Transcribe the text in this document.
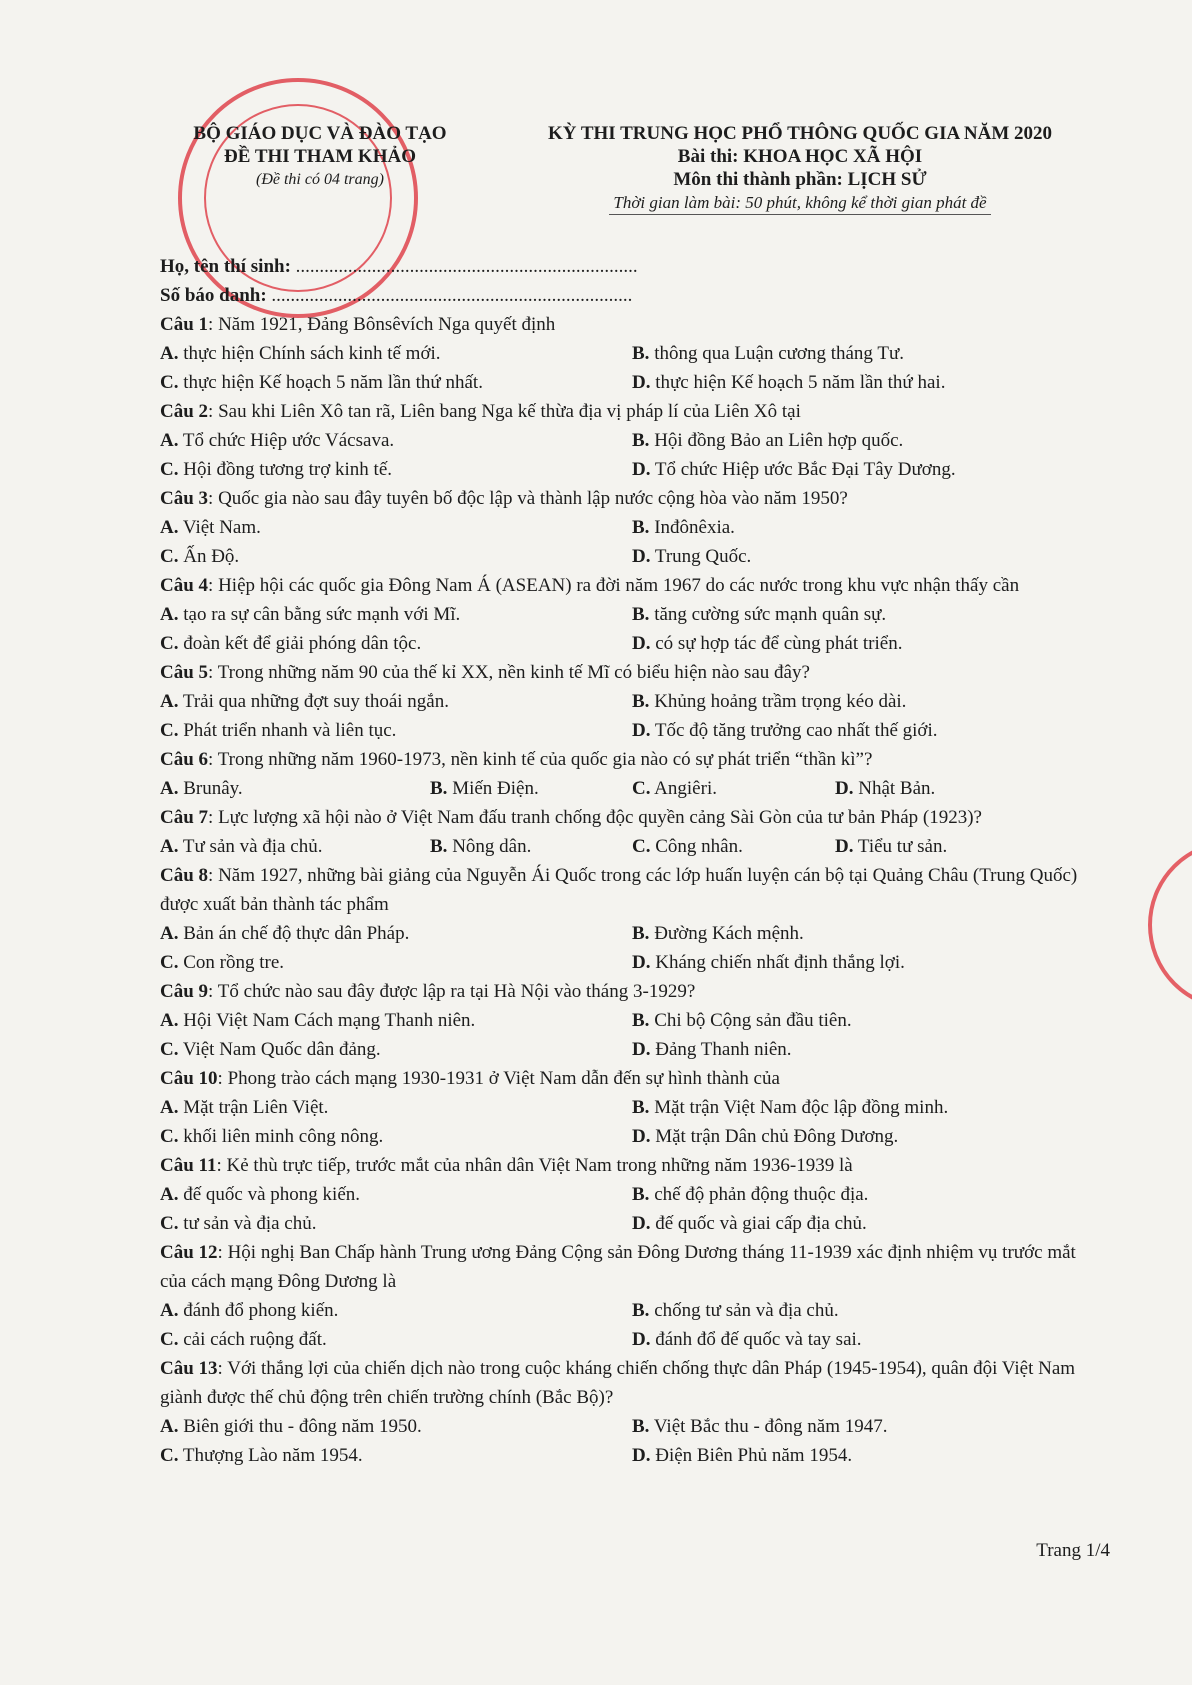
BỘ GIÁO DỤC VÀ ĐÀO TẠO
ĐỀ THI THAM KHẢO
(Đề thi có 04 trang)
KỲ THI TRUNG HỌC PHỔ THÔNG QUỐC GIA NĂM 2020
Bài thi: KHOA HỌC XÃ HỘI
Môn thi thành phần: LỊCH SỬ
Thời gian làm bài: 50 phút, không kể thời gian phát đề
Họ, tên thí sinh: ........................................................................
Số báo danh: ............................................................................
Câu 1: Năm 1921, Đảng Bônsêvích Nga quyết định
A. thực hiện Chính sách kinh tế mới.	B. thông qua Luận cương tháng Tư.
C. thực hiện Kế hoạch 5 năm lần thứ nhất.	D. thực hiện Kế hoạch 5 năm lần thứ hai.
Câu 2: Sau khi Liên Xô tan rã, Liên bang Nga kế thừa địa vị pháp lí của Liên Xô tại
A. Tổ chức Hiệp ước Vácsava.	B. Hội đồng Bảo an Liên hợp quốc.
C. Hội đồng tương trợ kinh tế.	D. Tổ chức Hiệp ước Bắc Đại Tây Dương.
Câu 3: Quốc gia nào sau đây tuyên bố độc lập và thành lập nước cộng hòa vào năm 1950?
A. Việt Nam.	B. Inđônêxia.
C. Ấn Độ.	D. Trung Quốc.
Câu 4: Hiệp hội các quốc gia Đông Nam Á (ASEAN) ra đời năm 1967 do các nước trong khu vực nhận thấy cần
A. tạo ra sự cân bằng sức mạnh với Mĩ.	B. tăng cường sức mạnh quân sự.
C. đoàn kết để giải phóng dân tộc.	D. có sự hợp tác để cùng phát triển.
Câu 5: Trong những năm 90 của thế kỉ XX, nền kinh tế Mĩ có biểu hiện nào sau đây?
A. Trải qua những đợt suy thoái ngắn.	B. Khủng hoảng trầm trọng kéo dài.
C. Phát triển nhanh và liên tục.	D. Tốc độ tăng trưởng cao nhất thế giới.
Câu 6: Trong những năm 1960-1973, nền kinh tế của quốc gia nào có sự phát triển “thần kì”?
A. Brunây.	B. Miến Điện.	C. Angiêri.	D. Nhật Bản.
Câu 7: Lực lượng xã hội nào ở Việt Nam đấu tranh chống độc quyền cảng Sài Gòn của tư bản Pháp (1923)?
A. Tư sản và địa chủ.	B. Nông dân.	C. Công nhân.	D. Tiểu tư sản.
Câu 8: Năm 1927, những bài giảng của Nguyễn Ái Quốc trong các lớp huấn luyện cán bộ tại Quảng Châu (Trung Quốc) được xuất bản thành tác phẩm
A. Bản án chế độ thực dân Pháp.	B. Đường Kách mệnh.
C. Con rồng tre.	D. Kháng chiến nhất định thắng lợi.
Câu 9: Tổ chức nào sau đây được lập ra tại Hà Nội vào tháng 3-1929?
A. Hội Việt Nam Cách mạng Thanh niên.	B. Chi bộ Cộng sản đầu tiên.
C. Việt Nam Quốc dân đảng.	D. Đảng Thanh niên.
Câu 10: Phong trào cách mạng 1930-1931 ở Việt Nam dẫn đến sự hình thành của
A. Mặt trận Liên Việt.	B. Mặt trận Việt Nam độc lập đồng minh.
C. khối liên minh công nông.	D. Mặt trận Dân chủ Đông Dương.
Câu 11: Kẻ thù trực tiếp, trước mắt của nhân dân Việt Nam trong những năm 1936-1939 là
A. đế quốc và phong kiến.	B. chế độ phản động thuộc địa.
C. tư sản và địa chủ.	D. đế quốc và giai cấp địa chủ.
Câu 12: Hội nghị Ban Chấp hành Trung ương Đảng Cộng sản Đông Dương tháng 11-1939 xác định nhiệm vụ trước mắt của cách mạng Đông Dương là
A. đánh đổ phong kiến.	B. chống tư sản và địa chủ.
C. cải cách ruộng đất.	D. đánh đổ đế quốc và tay sai.
Câu 13: Với thắng lợi của chiến dịch nào trong cuộc kháng chiến chống thực dân Pháp (1945-1954), quân đội Việt Nam giành được thế chủ động trên chiến trường chính (Bắc Bộ)?
A. Biên giới thu - đông năm 1950.	B. Việt Bắc thu - đông năm 1947.
C. Thượng Lào năm 1954.	D. Điện Biên Phủ năm 1954.
Trang 1/4
